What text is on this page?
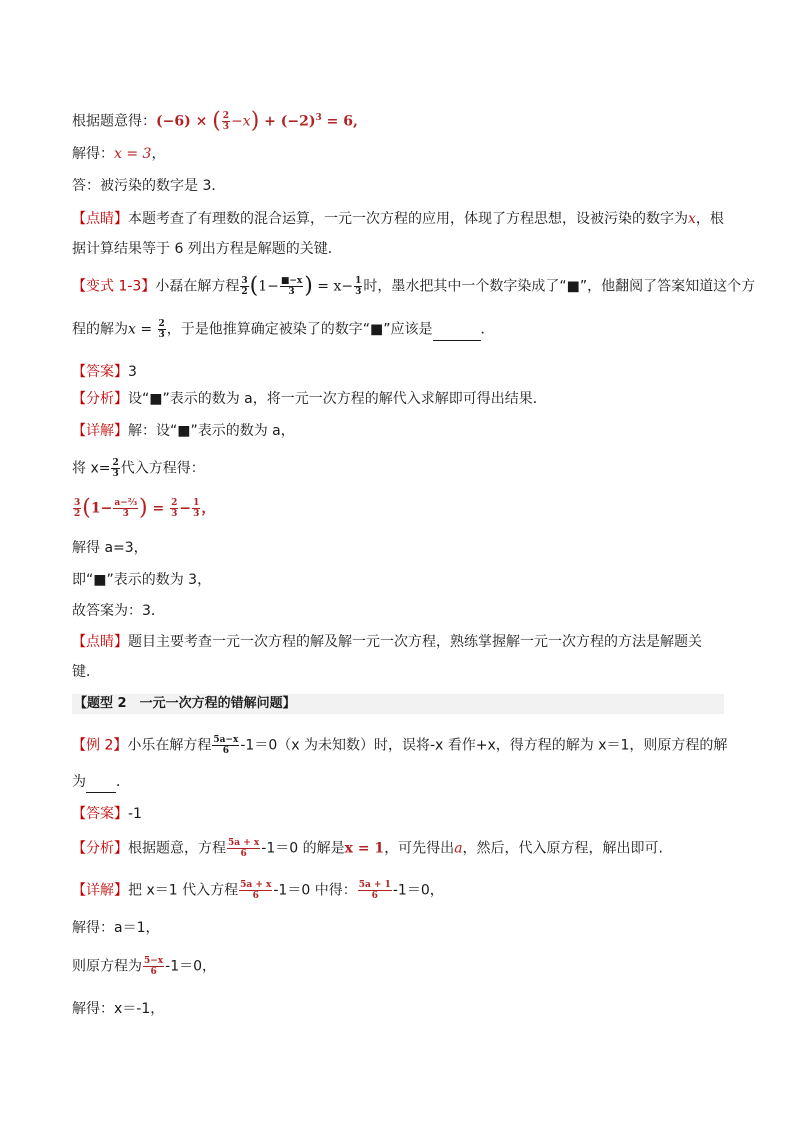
根据题意得：(−6) × ( $\frac{2}{3} -x) + (-2)^3 = 6$,
解得：x = 3，
答：被污染的数字是 3．
【点睛】本题考查了有理数的混合运算，一元一次方程的应用，体现了方程思想，设被污染的数字为x，根
据计算结果等于 6 列出方程是解题的关键．
【变式 1-3】小磊在解方程 $\frac{3}{2} (1- \frac{■-x}{3}$ ) = $x- \frac{1}{3}$ 时，墨水把其中一个数字染成了“■”，他翻阅了答案知道这个方
程的解为$x = \frac{2}{3}$ ，于是他推算确定被染了的数字“■”应该是	．
【答案】3
【分析】设“■”表示的数为 a，将一元一次方程的解代入求解即可得出结果．
【详解】解：设“■”表示的数为 a，
将 $x= \frac{2}{3}$ 代入方程得：
$\frac{3}{2} (1- \frac{\text{a−⅔}}{3}$ ) = $\frac{2}{3} - \frac{1}{3}$ ，
解得 a=3，
即“■”表示的数为 3，
故答案为：3．
【点睛】题目主要考查一元一次方程的解及解一元一次方程，熟练掌握解一元一次方程的方法是解题关
键．
【题型 2　一元一次方程的错解问题】
【例 2】小乐在解方程 $\frac{5a-x}{6} -1=0(x$ 为未知数）时，误将-x 看作+x，得方程的解为 x＝1，则原方程的解
为 ．
【答案】-1
【分析】根据题意，方程 $\frac{5a + x}{6} -1=0$ 的解是x = 1，可先得出a，然后，代入原方程，解出即可.
【详解】把 x＝1 代入方程 $\frac{5a + x}{6} -1=0$ 中得： $\frac{5a + 1}{6} -1=0$，
解得：a＝1，
则原方程为 $\frac{5-x}{6} -1=0$，
解得：x＝-1，
